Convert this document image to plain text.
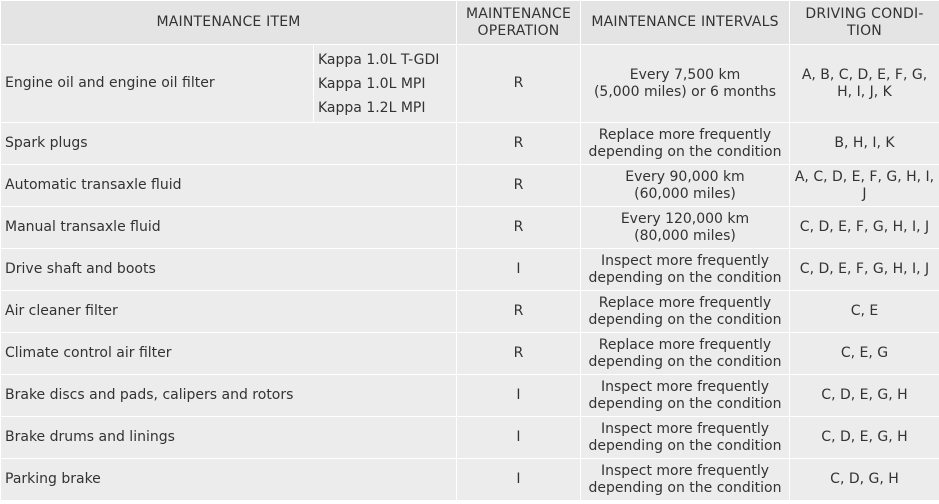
MAINTENANCE ITEM		MAINTENANCE
OPERATION	MAINTENANCE INTERVALS	DRIVING CONDI-
TION
Engine oil and engine oil filter	Kappa 1.0L T-GDI
Kappa 1.0L MPI
Kappa 1.2L MPI	R	Every 7,500 km
(5,000 miles) or 6 months	A, B, C, D, E, F, G,
H, I, J, K
Spark plugs		R	Replace more frequently
depending on the condition	B, H, I, K
Automatic transaxle fluid		R	Every 90,000 km
(60,000 miles)	A, C, D, E, F, G, H, I,
J
Manual transaxle fluid		R	Every 120,000 km
(80,000 miles)	C, D, E, F, G, H, I, J
Drive shaft and boots		I	Inspect more frequently
depending on the condition	C, D, E, F, G, H, I, J
Air cleaner filter		R	Replace more frequently
depending on the condition	C, E
Climate control air filter		R	Replace more frequently
depending on the condition	C, E, G
Brake discs and pads, calipers and rotors		I	Inspect more frequently
depending on the condition	C, D, E, G, H
Brake drums and linings		I	Inspect more frequently
depending on the condition	C, D, E, G, H
Parking brake		I	Inspect more frequently
depending on the condition	C, D, G, H
